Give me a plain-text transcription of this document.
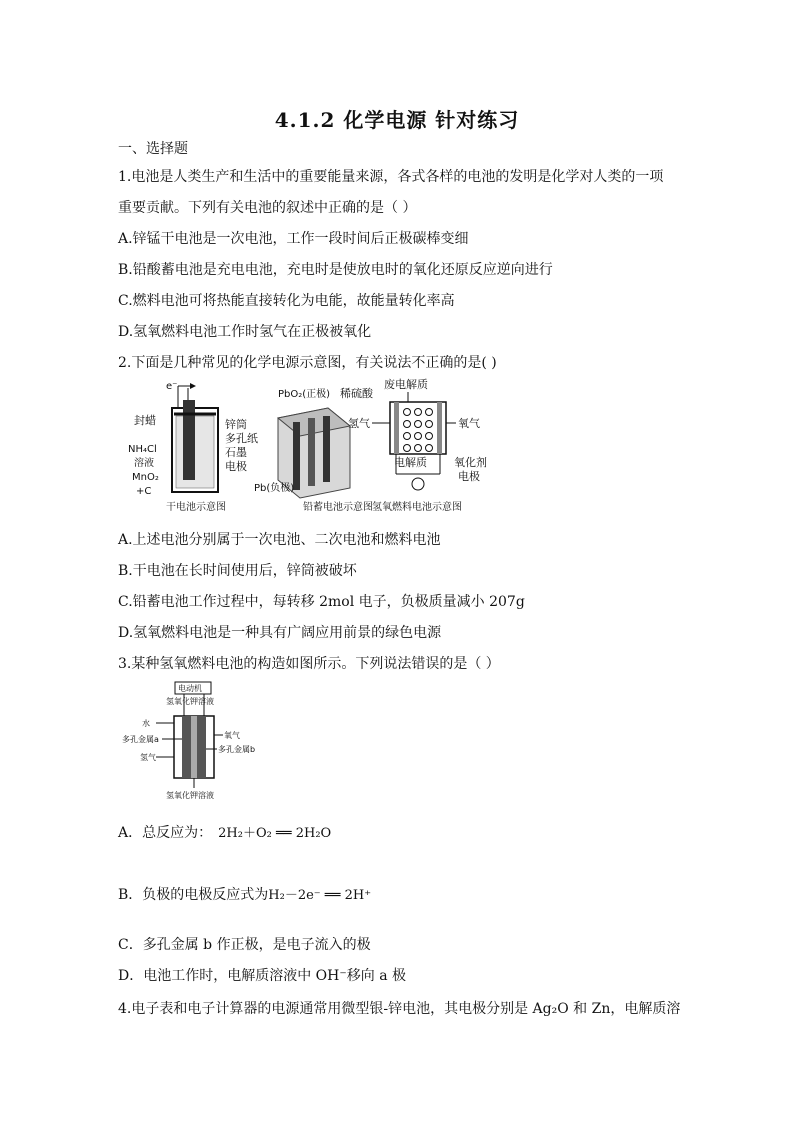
4.1.2 化学电源 针对练习
一、选择题
1.电池是人类生产和生活中的重要能量来源，各式各样的电池的发明是化学对人类的一项
重要贡献。下列有关电池的叙述中正确的是（ ）
A.锌锰干电池是一次电池，工作一段时间后正极碳棒变细
B.铅酸蓄电池是充电电池，充电时是使放电时的氧化还原反应逆向进行
C.燃料电池可将热能直接转化为电能，故能量转化率高
D.氢氧燃料电池工作时氢气在正极被氧化
2.下面是几种常见的化学电源示意图，有关说法不正确的是( )
e⁻
封蜡
NH₄Cl
溶液
MnO₂
+C
锌筒
多孔纸
石墨
电极
干电池示意图
PbO₂(正极) 稀硫酸
Pb(负极)
铅蓄电池示意图
废电解质
氢气	氧气
电解质 氧化剂
电极
氢氧燃料电池示意图
A.上述电池分别属于一次电池、二次电池和燃料电池
B.干电池在长时间使用后，锌筒被破坏
C.铅蓄电池工作过程中，每转移 2mol 电子，负极质量减小 207g
D.氢氧燃料电池是一种具有广阔应用前景的绿色电源
3.某种氢氧燃料电池的构造如图所示。下列说法错误的是（ ）
电动机
氢氧化钾溶液
水
多孔金属a
氢气
氧气
多孔金属b
氢氧化钾溶液
A．总反应为： 2H₂＋O₂ ══ 2H₂O
B．负极的电极反应式为H₂－2e⁻ ══ 2H⁺
C．多孔金属 b 作正极，是电子流入的极
D．电池工作时，电解质溶液中 OH⁻移向 a 极
4.电子表和电子计算器的电源通常用微型银-锌电池，其电极分别是 Ag₂O 和 Zn，电解质溶
